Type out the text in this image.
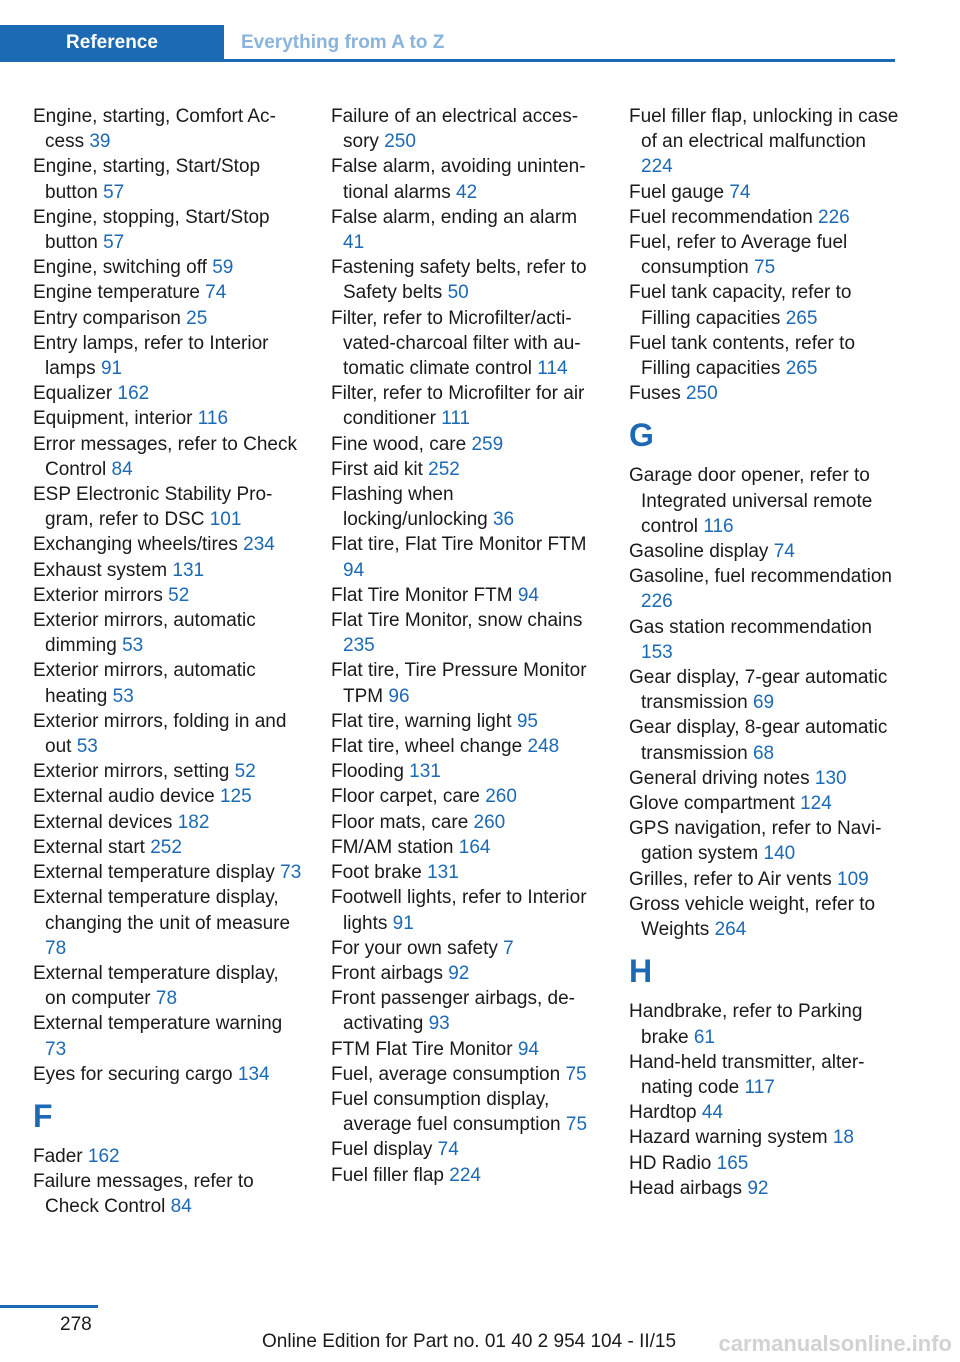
Reference	Everything from A to Z
Engine, starting, Comfort Access 39
Engine, starting, Start/Stop button 57
Engine, stopping, Start/Stop button 57
Engine, switching off 59
Engine temperature 74
Entry comparison 25
Entry lamps, refer to Interior lamps 91
Equalizer 162
Equipment, interior 116
Error messages, refer to Check Control 84
ESP Electronic Stability Program, refer to DSC 101
Exchanging wheels/tires 234
Exhaust system 131
Exterior mirrors 52
Exterior mirrors, automatic dimming 53
Exterior mirrors, automatic heating 53
Exterior mirrors, folding in and out 53
Exterior mirrors, setting 52
External audio device 125
External devices 182
External start 252
External temperature display 73
External temperature display, changing the unit of measure 78
External temperature display, on computer 78
External temperature warning 73
Eyes for securing cargo 134
F
Fader 162
Failure messages, refer to Check Control 84
Failure of an electrical accessory 250
False alarm, avoiding unintentional alarms 42
False alarm, ending an alarm 41
Fastening safety belts, refer to Safety belts 50
Filter, refer to Microfilter/activated-charcoal filter with automatic climate control 114
Filter, refer to Microfilter for air conditioner 111
Fine wood, care 259
First aid kit 252
Flashing when locking/unlocking 36
Flat tire, Flat Tire Monitor FTM 94
Flat Tire Monitor FTM 94
Flat Tire Monitor, snow chains 235
Flat tire, Tire Pressure Monitor TPM 96
Flat tire, warning light 95
Flat tire, wheel change 248
Flooding 131
Floor carpet, care 260
Floor mats, care 260
FM/AM station 164
Foot brake 131
Footwell lights, refer to Interior lights 91
For your own safety 7
Front airbags 92
Front passenger airbags, deactivating 93
FTM Flat Tire Monitor 94
Fuel, average consumption 75
Fuel consumption display, average fuel consumption 75
Fuel display 74
Fuel filler flap 224
Fuel filler flap, unlocking in case of an electrical malfunction 224
Fuel gauge 74
Fuel recommendation 226
Fuel, refer to Average fuel consumption 75
Fuel tank capacity, refer to Filling capacities 265
Fuel tank contents, refer to Filling capacities 265
Fuses 250
G
Garage door opener, refer to Integrated universal remote control 116
Gasoline display 74
Gasoline, fuel recommendation 226
Gas station recommendation 153
Gear display, 7-gear automatic transmission 69
Gear display, 8-gear automatic transmission 68
General driving notes 130
Glove compartment 124
GPS navigation, refer to Navigation system 140
Grilles, refer to Air vents 109
Gross vehicle weight, refer to Weights 264
H
Handbrake, refer to Parking brake 61
Hand-held transmitter, alternating code 117
Hardtop 44
Hazard warning system 18
HD Radio 165
Head airbags 92
278
Online Edition for Part no. 01 40 2 954 104 - II/15 carmanualsonline.info
